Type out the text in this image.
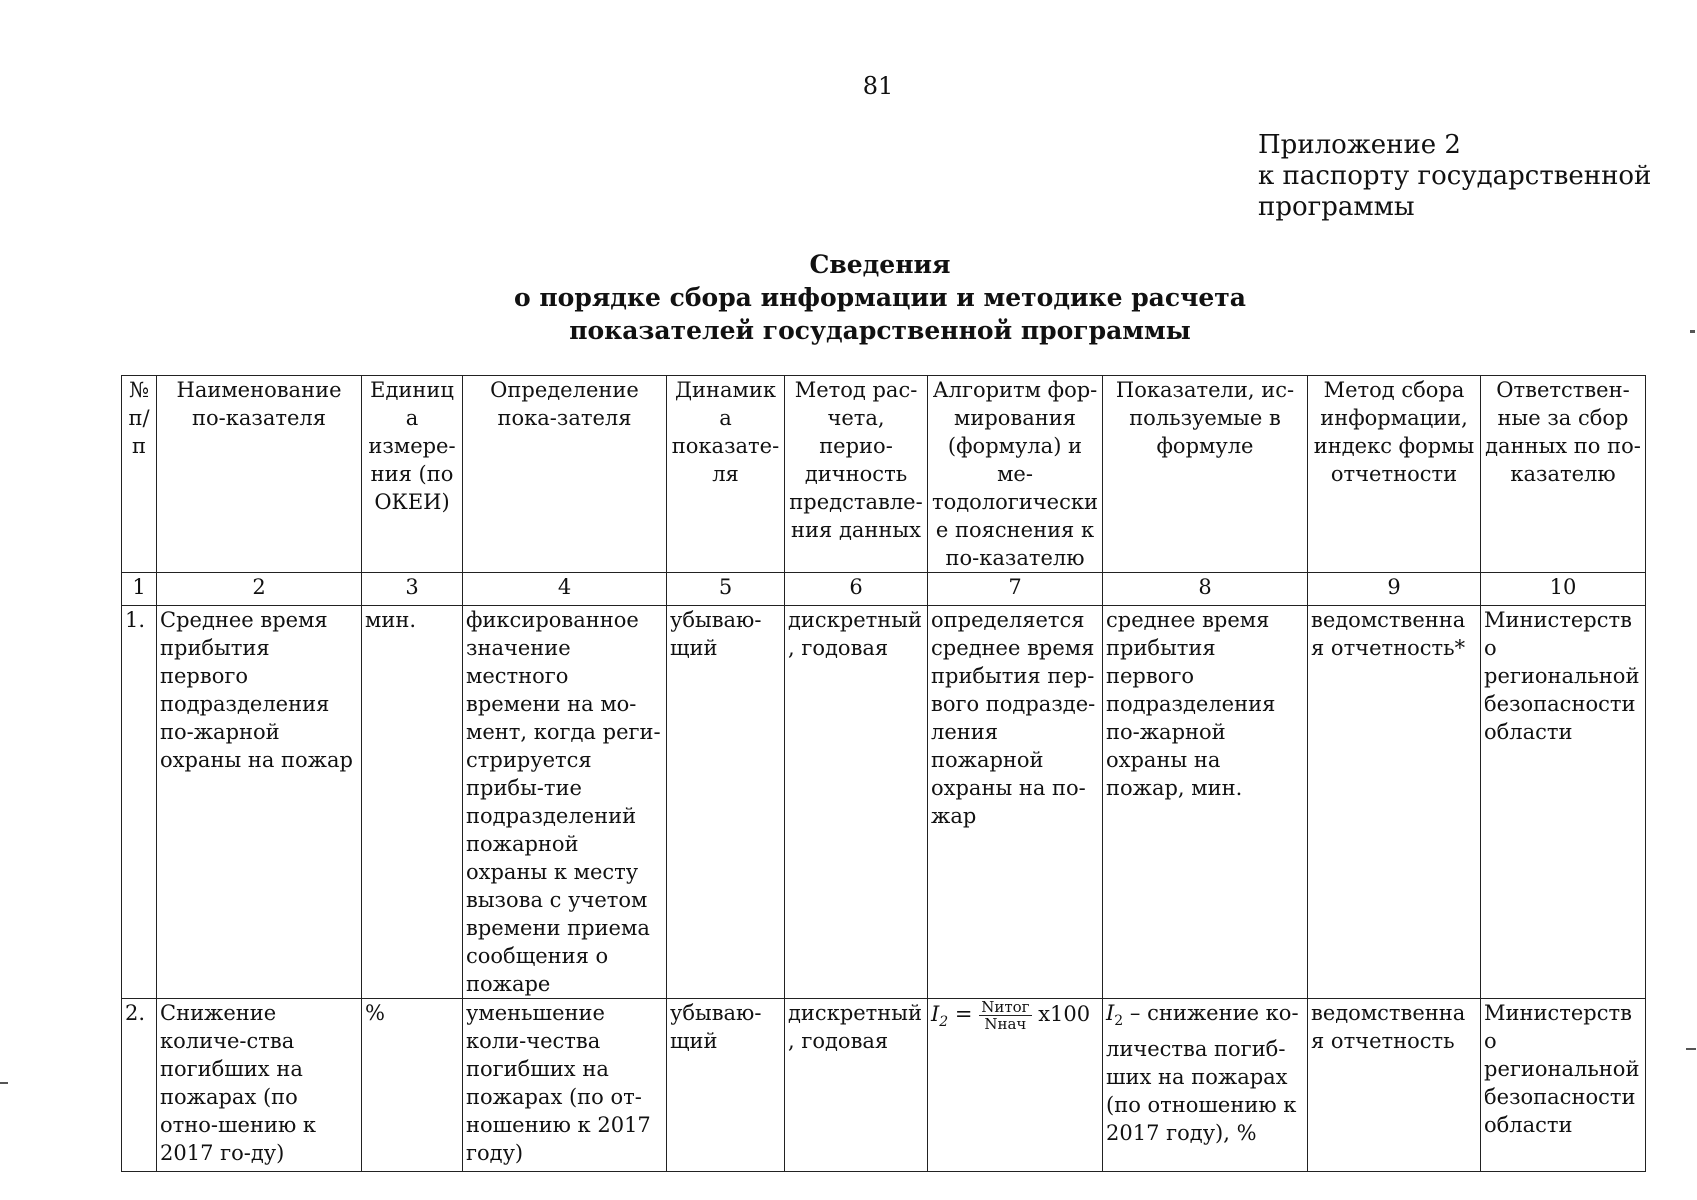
81
Приложение 2
к паспорту государственной
программы
Сведения
о порядке сбора информации и методике расчета
показателей государственной программы
№ п/ п	Наименование по-казателя	Единица измере-ния (по ОКЕИ)	Определение пока-зателя	Динамика показате-ля	Метод рас-чета, перио-дичность представле-ния данных	Алгоритм фор-мирования (формула) и ме-тодологические пояснения к по-казателю	Показатели, ис-пользуемые в формуле	Метод сбора информации, индекс формы отчетности	Ответствен-ные за сбор данных по по-казателю
1	2	3	4	5	6	7	8	9	10
1.	Среднее время прибытия первого подразделения по-жарной охраны на пожар	мин.	фиксированное значение местного времени на мо-мент, когда реги-стрируется прибы-тие подразделений пожарной охраны к месту вызова с учетом времени приема сообщения о пожаре	убываю-щий	дискретный, годовая	определяется среднее время прибытия пер-вого подразде-ления пожарной охраны на по-жар	среднее время прибытия первого подразделения по-жарной охраны на пожар, мин.	ведомственная отчетность*	Министерство региональной безопасности области
2.	Снижение количе-ства погибших на пожарах (по отно-шению к 2017 го-ду)	%	уменьшение коли-чества погибших на пожарах (по от-ношению к 2017 году)	убываю-щий	дискретный, годовая	$I_2 = \frac{\text{Nитог}}{\text{Nнач}} x100$	$I_2$ – снижение ко-личества погиб-ших на пожарах (по отношению к 2017 году), %	ведомственная отчетность	Министерство региональной безопасности области
